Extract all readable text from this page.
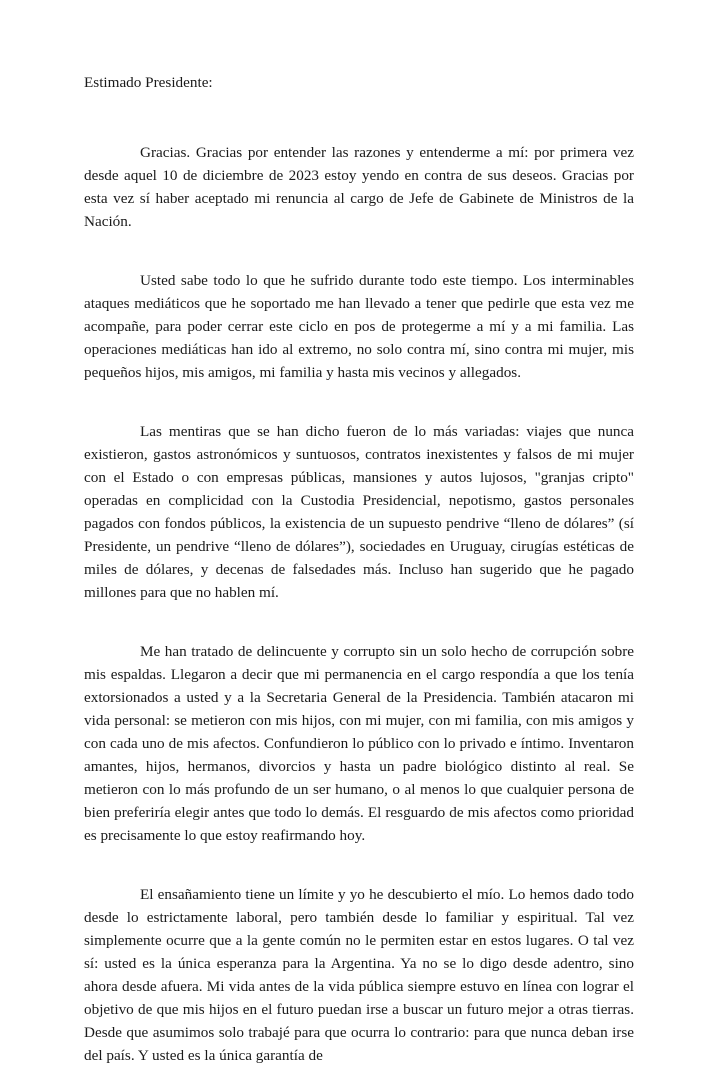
Estimado Presidente:

Gracias. Gracias por entender las razones y entenderme a mí: por primera vez desde aquel 10 de diciembre de 2023 estoy yendo en contra de sus deseos. Gracias por esta vez sí haber aceptado mi renuncia al cargo de Jefe de Gabinete de Ministros de la Nación.

Usted sabe todo lo que he sufrido durante todo este tiempo. Los interminables ataques mediáticos que he soportado me han llevado a tener que pedirle que esta vez me acompañe, para poder cerrar este ciclo en pos de protegerme a mí y a mi familia. Las operaciones mediáticas han ido al extremo, no solo contra mí, sino contra mi mujer, mis pequeños hijos, mis amigos, mi familia y hasta mis vecinos y allegados.

Las mentiras que se han dicho fueron de lo más variadas: viajes que nunca existieron, gastos astronómicos y suntuosos, contratos inexistentes y falsos de mi mujer con el Estado o con empresas públicas, mansiones y autos lujosos, "granjas cripto" operadas en complicidad con la Custodia Presidencial, nepotismo, gastos personales pagados con fondos públicos, la existencia de un supuesto pendrive “lleno de dólares” (sí Presidente, un pendrive “lleno de dólares”), sociedades en Uruguay, cirugías estéticas de miles de dólares, y decenas de falsedades más. Incluso han sugerido que he pagado millones para que no hablen mí.

Me han tratado de delincuente y corrupto sin un solo hecho de corrupción sobre mis espaldas. Llegaron a decir que mi permanencia en el cargo respondía a que los tenía extorsionados a usted y a la Secretaria General de la Presidencia. También atacaron mi vida personal: se metieron con mis hijos, con mi mujer, con mi familia, con mis amigos y con cada uno de mis afectos. Confundieron lo público con lo privado e íntimo. Inventaron amantes, hijos, hermanos, divorcios y hasta un padre biológico distinto al real. Se metieron con lo más profundo de un ser humano, o al menos lo que cualquier persona de bien preferiría elegir antes que todo lo demás. El resguardo de mis afectos como prioridad es precisamente lo que estoy reafirmando hoy.

El ensañamiento tiene un límite y yo he descubierto el mío. Lo hemos dado todo desde lo estrictamente laboral, pero también desde lo familiar y espiritual. Tal vez simplemente ocurre que a la gente común no le permiten estar en estos lugares. O tal vez sí: usted es la única esperanza para la Argentina. Ya no se lo digo desde adentro, sino ahora desde afuera. Mi vida antes de la vida pública siempre estuvo en línea con lograr el objetivo de que mis hijos en el futuro puedan irse a buscar un futuro mejor a otras tierras. Desde que asumimos solo trabajé para que ocurra lo contrario: para que nunca deban irse del país. Y usted es la única garantía de
